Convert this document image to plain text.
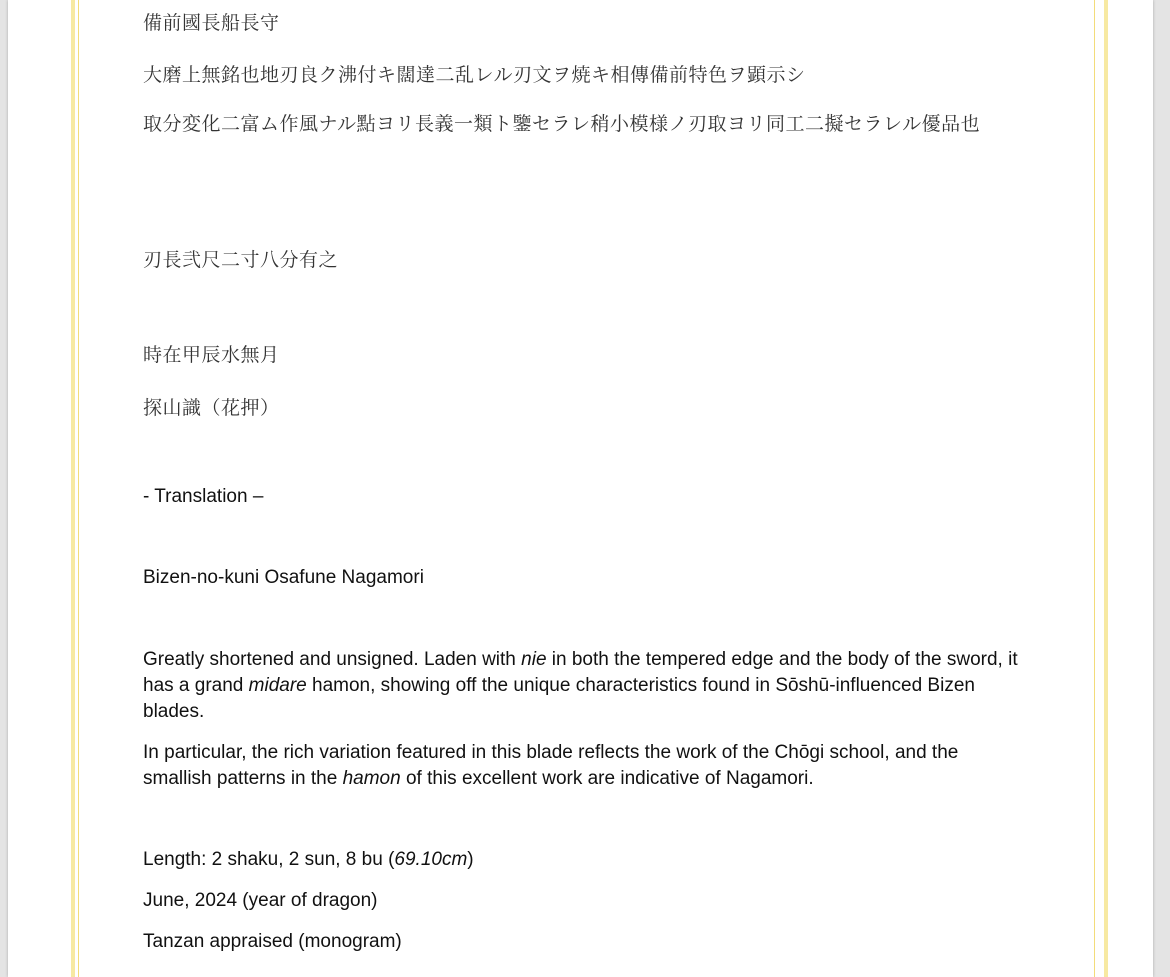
備前國長船長守

大磨上無銘也地刃良ク沸付キ闊達二乱レル刃文ヲ焼キ相傳備前特色ヲ顕示シ

取分変化二富ム作風ナル點ヨリ長義一類ト鑒セラレ稍小模様ノ刃取ヨリ同工二擬セラレル優品也

刃長弐尺二寸八分有之

時在甲辰水無月

探山識（花押）

- Translation –

Bizen-no-kuni Osafune Nagamori

Greatly shortened and unsigned. Laden with nie in both the tempered edge and the body of the sword, it has a grand midare hamon, showing off the unique characteristics found in Sōshū-influenced Bizen blades.

In particular, the rich variation featured in this blade reflects the work of the Chōgi school, and the smallish patterns in the hamon of this excellent work are indicative of Nagamori.

Length: 2 shaku, 2 sun, 8 bu (69.10cm)

June, 2024 (year of dragon)

Tanzan appraised (monogram)
